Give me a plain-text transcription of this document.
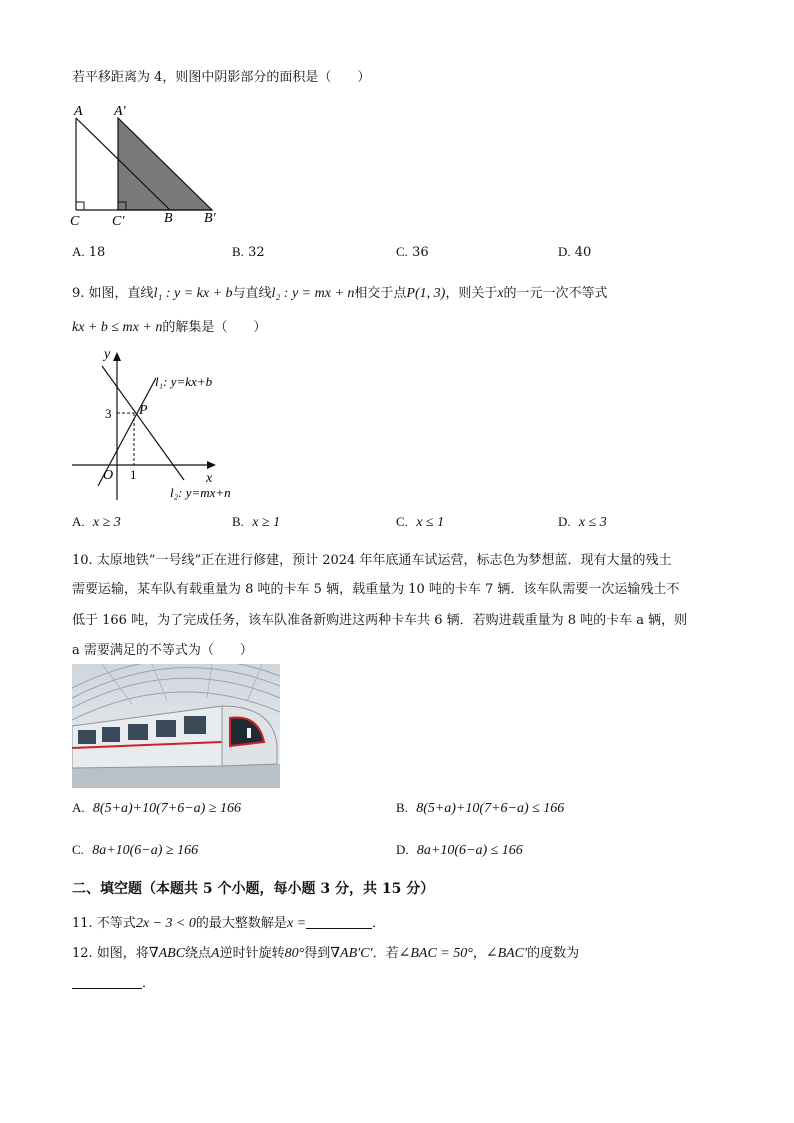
若平移距离为 4，则图中阴影部分的面积是（　　）
A A′
C C′	B B′
A. 18	B. 32	C. 36	D. 40
9. 如图，直线l₁ : y = kx + b与直线l₂ : y = mx + n相交于点P(1, 3)，则关于x的一元一次不等式
kx + b ≤ mx + n的解集是（　　）
y
x
O 1
3 P
l₁: y=kx+b
l₂: y=mx+n
A. x ≥ 3	B. x ≥ 1	C. x ≤ 1	D. x ≤ 3
10. 太原地铁“一号线”正在进行修建，预计 2024 年年底通车试运营，标志色为梦想蓝．现有大量的残土
需要运输，某车队有载重量为 8 吨的卡车 5 辆，载重量为 10 吨的卡车 7 辆．该车队需要一次运输残土不
低于 166 吨，为了完成任务，该车队准备新购进这两种卡车共 6 辆．若购进载重量为 8 吨的卡车 a 辆，则
a 需要满足的不等式为（　　）
A. 8(5+a)+10(7+6−a) ≥ 166	B. 8(5+a)+10(7+6−a) ≤ 166
C. 8a+10(6−a) ≥ 166	D. 8a+10(6−a) ≤ 166
二、填空题（本题共 5 个小题，每小题 3 分，共 15 分）
11. 不等式2x − 3 < 0的最大整数解是x =	．
12. 如图，将∇ABC绕点A逆时针旋转80°得到∇AB′C′．若∠BAC = 50°，∠BAC′的度数为
．
